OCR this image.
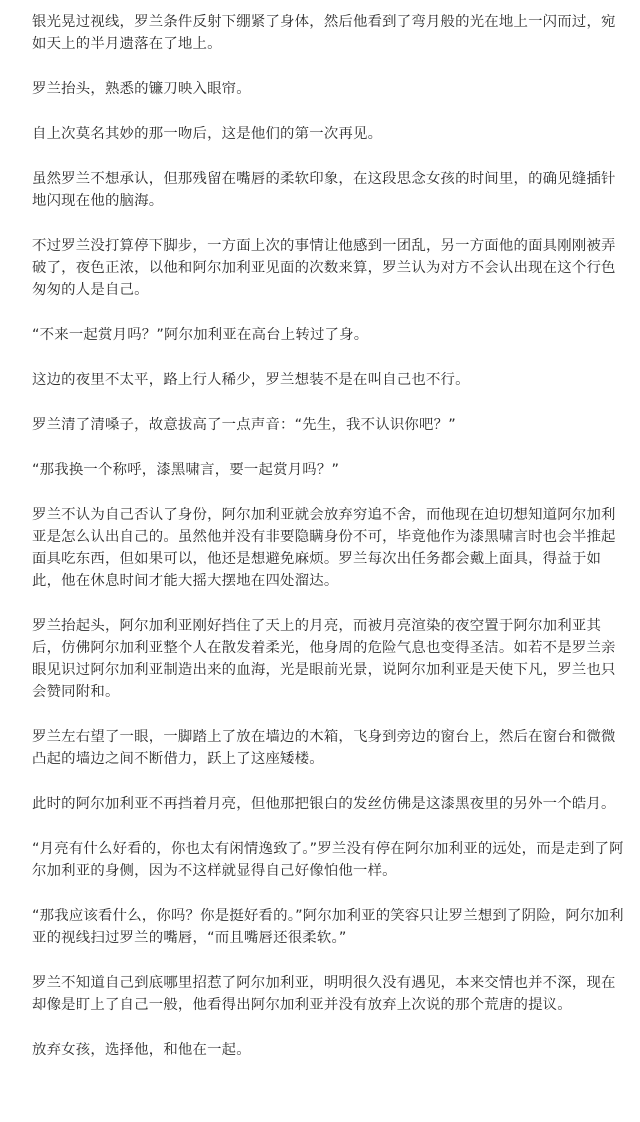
银光晃过视线，罗兰条件反射下绷紧了身体，然后他看到了弯月般的光在地上一闪而过，宛如天上的半月遗落在了地上。

罗兰抬头，熟悉的镰刀映入眼帘。

自上次莫名其妙的那一吻后，这是他们的第一次再见。

虽然罗兰不想承认，但那残留在嘴唇的柔软印象，在这段思念女孩的时间里，的确见缝插针地闪现在他的脑海。

不过罗兰没打算停下脚步，一方面上次的事情让他感到一团乱，另一方面他的面具刚刚被弄破了，夜色正浓，以他和阿尔加利亚见面的次数来算，罗兰认为对方不会认出现在这个行色匆匆的人是自己。

“不来一起赏月吗？”阿尔加利亚在高台上转过了身。

这边的夜里不太平，路上行人稀少，罗兰想装不是在叫自己也不行。

罗兰清了清嗓子，故意拔高了一点声音：“先生，我不认识你吧？”

“那我换一个称呼，漆黑啸言，要一起赏月吗？”

罗兰不认为自己否认了身份，阿尔加利亚就会放弃穷追不舍，而他现在迫切想知道阿尔加利亚是怎么认出自己的。虽然他并没有非要隐瞒身份不可，毕竟他作为漆黑啸言时也会半推起面具吃东西，但如果可以，他还是想避免麻烦。罗兰每次出任务都会戴上面具，得益于如此，他在休息时间才能大摇大摆地在四处溜达。

罗兰抬起头，阿尔加利亚刚好挡住了天上的月亮，而被月亮渲染的夜空置于阿尔加利亚其后，仿佛阿尔加利亚整个人在散发着柔光，他身周的危险气息也变得圣洁。如若不是罗兰亲眼见识过阿尔加利亚制造出来的血海，光是眼前光景，说阿尔加利亚是天使下凡，罗兰也只会赞同附和。

罗兰左右望了一眼，一脚踏上了放在墙边的木箱，飞身到旁边的窗台上，然后在窗台和微微凸起的墙边之间不断借力，跃上了这座矮楼。

此时的阿尔加利亚不再挡着月亮，但他那把银白的发丝仿佛是这漆黑夜里的另外一个皓月。

“月亮有什么好看的，你也太有闲情逸致了。”罗兰没有停在阿尔加利亚的远处，而是走到了阿尔加利亚的身侧，因为不这样就显得自己好像怕他一样。

“那我应该看什么，你吗？你是挺好看的。”阿尔加利亚的笑容只让罗兰想到了阴险，阿尔加利亚的视线扫过罗兰的嘴唇，“而且嘴唇还很柔软。”

罗兰不知道自己到底哪里招惹了阿尔加利亚，明明很久没有遇见，本来交情也并不深，现在却像是盯上了自己一般，他看得出阿尔加利亚并没有放弃上次说的那个荒唐的提议。

放弃女孩，选择他，和他在一起。
